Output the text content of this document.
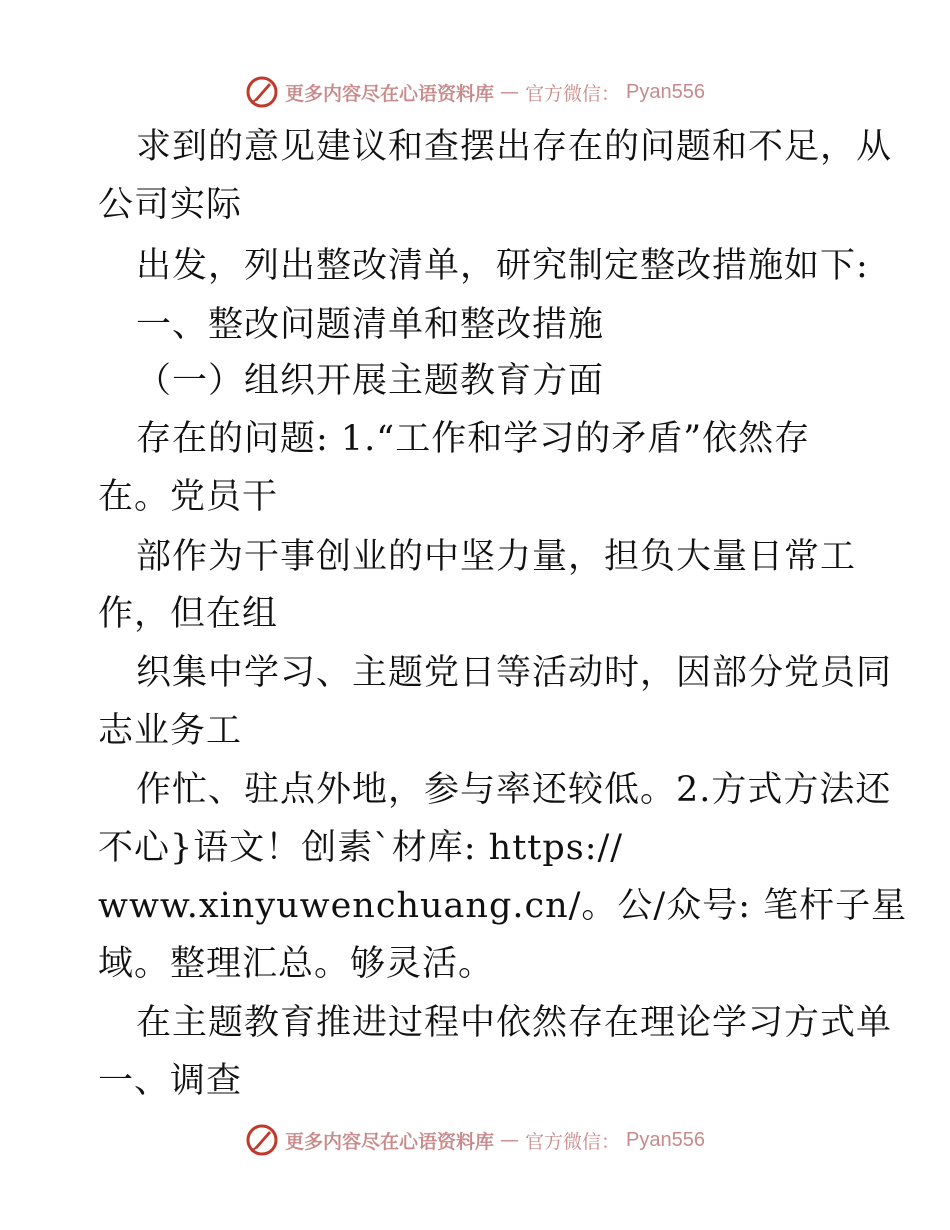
更多内容尽在心语资料库 — 官方微信： Pyan556
求到的意见建议和查摆出存在的问题和不足，从
公司实际
出发，列出整改清单，研究制定整改措施如下:
一、整改问题清单和整改措施
（一）组织开展主题教育方面
存在的问题: 1.“工作和学习的矛盾”依然存
在。党员干
部作为干事创业的中坚力量，担负大量日常工
作，但在组
织集中学习、主题党日等活动时，因部分党员同
志业务工
作忙、驻点外地，参与率还较低。2.方式方法还
不心}语文！创素`材库: https://
www.xinyuwenchuang.cn/。公/众号: 笔杆子星
域。整理汇总。够灵活。
在主题教育推进过程中依然存在理论学习方式单
一、调查
更多内容尽在心语资料库 — 官方微信： Pyan556
